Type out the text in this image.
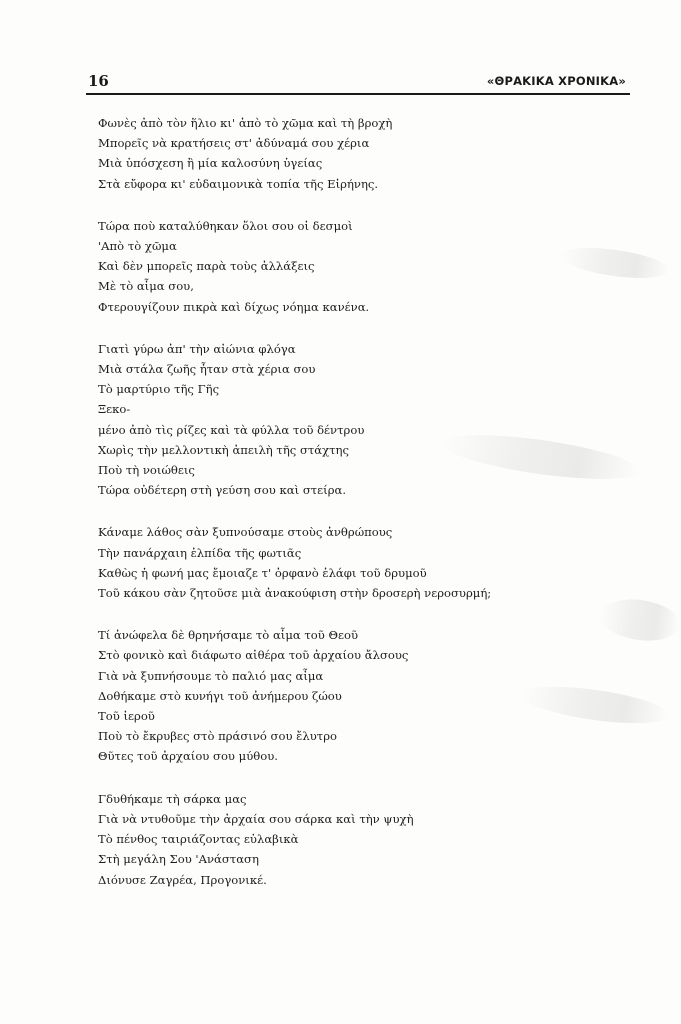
16	«ΘΡΑΚΙΚΑ ΧΡΟΝΙΚΑ»
Φωνὲς ἀπὸ τὸν ἥλιο κι' ἀπὸ τὸ χῶμα καὶ τὴ βροχὴ
Μπορεῖς νὰ κρατήσεις στ' ἀδύναμά σου χέρια
Μιὰ ὑπόσχεση ἢ μία καλοσύνη ὑγείας
Στὰ εὔφορα κι' εὐδαιμονικὰ τοπία τῆς Εἰρήνης.
Τώρα ποὺ καταλύθηκαν ὅλοι σου οἱ δεσμοὶ
'Απὸ τὸ χῶμα
Καὶ δὲν μπορεῖς παρὰ τοὺς ἀλλάξεις
Μὲ τὸ αἷμα σου,
Φτερουγίζουν πικρὰ καὶ δίχως νόημα κανένα.
Γιατὶ γύρω ἀπ' τὴν αἰώνια φλόγα
Μιὰ στάλα ζωῆς ἦταν στὰ χέρια σου
Τὸ μαρτύριο τῆς Γῆς
Ξεκο-
μένο ἀπὸ τὶς ρίζες καὶ τὰ φύλλα τοῦ δέντρου
Χωρὶς τὴν μελλοντικὴ ἀπειλὴ τῆς στάχτης
Ποὺ τὴ νοιώθεις
Τώρα οὐδέτερη στὴ γεύση σου καὶ στείρα.
Κάναμε λάθος σὰν ξυπνούσαμε στοὺς ἀνθρώπους
Τὴν πανάρχαιη ἐλπίδα τῆς φωτιᾶς
Καθὼς ἡ φωνή μας ἔμοιαζε τ' ὀρφανὸ ἐλάφι τοῦ δρυμοῦ
Τοῦ κάκου σὰν ζητοῦσε μιὰ ἀνακούφιση στὴν δροσερὴ νεροσυρμή;
Τί ἀνώφελα δὲ θρηνήσαμε τὸ αἷμα τοῦ Θεοῦ
Στὸ φονικὸ καὶ διάφωτο αἰθέρα τοῦ ἀρχαίου ἄλσους
Γιὰ νὰ ξυπνήσουμε τὸ παλιό μας αἷμα
Δοθήκαμε στὸ κυνήγι τοῦ ἀνήμερου ζώου
Τοῦ ἱεροῦ
Ποὺ τὸ ἔκρυβες στὸ πράσινό σου ἔλυτρο
Θῦτες τοῦ ἀρχαίου σου μύθου.
Γδυθήκαμε τὴ σάρκα μας
Γιὰ νὰ ντυθοῦμε τὴν ἀρχαία σου σάρκα καὶ τὴν ψυχὴ
Τὸ πένθος ταιριάζοντας εὐλαβικὰ
Στὴ μεγάλη Σου 'Ανάσταση
Διόνυσε Ζαγρέα, Προγονικέ.
